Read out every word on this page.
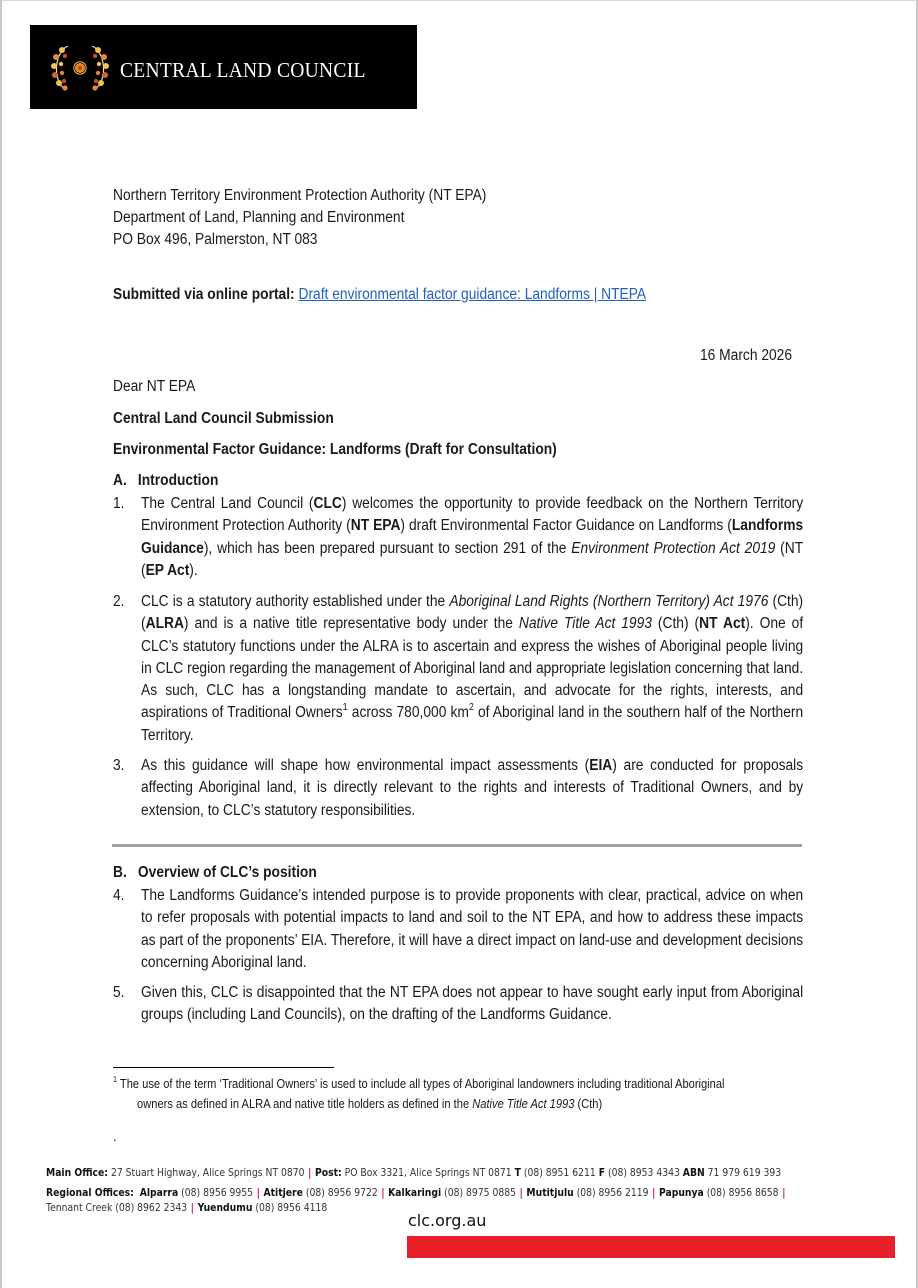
CENTRAL LAND COUNCIL
Northern Territory Environment Protection Authority (NT EPA)
Department of Land, Planning and Environment
PO Box 496, Palmerston, NT 083
Submitted via online portal: Draft environmental factor guidance: Landforms | NTEPA
16 March 2026
Dear NT EPA
Central Land Council Submission
Environmental Factor Guidance: Landforms (Draft for Consultation)
A. Introduction
1. The Central Land Council (CLC) welcomes the opportunity to provide feedback on the Northern Territory Environment Protection Authority (NT EPA) draft Environmental Factor Guidance on Landforms (Landforms Guidance), which has been prepared pursuant to section 291 of the Environment Protection Act 2019 (NT (EP Act).
2. CLC is a statutory authority established under the Aboriginal Land Rights (Northern Territory) Act 1976 (Cth) (ALRA) and is a native title representative body under the Native Title Act 1993 (Cth) (NT Act). One of CLC’s statutory functions under the ALRA is to ascertain and express the wishes of Aboriginal people living in CLC region regarding the management of Aboriginal land and appropriate legislation concerning that land. As such, CLC has a longstanding mandate to ascertain, and advocate for the rights, interests, and aspirations of Traditional Owners$^1$ across 780,000 $km^2$ of Aboriginal land in the southern half of the Northern Territory.
3. As this guidance will shape how environmental impact assessments (EIA) are conducted for proposals affecting Aboriginal land, it is directly relevant to the rights and interests of Traditional Owners, and by extension, to CLC’s statutory responsibilities.
B. Overview of CLC’s position
4. The Landforms Guidance’s intended purpose is to provide proponents with clear, practical, advice on when to refer proposals with potential impacts to land and soil to the NT EPA, and how to address these impacts as part of the proponents’ EIA. Therefore, it will have a direct impact on land-use and development decisions concerning Aboriginal land.
5. Given this, CLC is disappointed that the NT EPA does not appear to have sought early input from Aboriginal groups (including Land Councils), on the drafting of the Landforms Guidance.
$^1$ The use of the term ‘Traditional Owners’ is used to include all types of Aboriginal landowners including traditional Aboriginal
owners as defined in ALRA and native title holders as defined in the Native Title Act 1993 (Cth)
.
Main Office: 27 Stuart Highway, Alice Springs NT 0870 | Post: PO Box 3321, Alice Springs NT 0871 T (08) 8951 6211 F (08) 8953 4343 ABN 71 979 619 393
Regional Offices: Alparra (08) 8956 9955 | Atitjere (08) 8956 9722 | Kalkaringi (08) 8975 0885 | Mutitjulu (08) 8956 2119 | Papunya (08) 8956 8658 |
Tennant Creek (08) 8962 2343 | Yuendumu (08) 8956 4118
clc.org.au
